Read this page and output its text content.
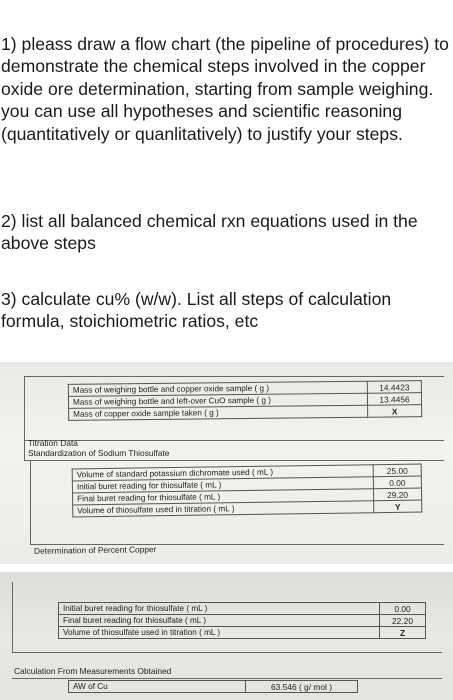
1) pleass draw a flow chart (the pipeline of procedures) to demonstrate the chemical steps involved in the copper oxide ore determination, starting from sample weighing. you can use all hypotheses and scientific reasoning (quantitatively or quanlitatively) to justify your steps.

2) list all balanced chemical rxn equations used in the above steps

3) calculate cu% (w/w). List all steps of calculation formula, stoichiometric ratios, etc

Mass of weighing bottle and copper oxide sample ( g )	14.4423
Mass of weighing bottle and left-over CuO sample ( g )	13.4456
Mass of copper oxide sample taken ( g )	X
Titration Data
Standardization of Sodium Thiosulfate
Volume of standard potassium dichromate used ( mL )	25.00
Initial buret reading for thiosulfate ( mL )	0.00
Final buret reading for thiosulfate ( mL )	29.20
Volume of thiosulfate used in titration ( mL )	Y
Determination of Percent Copper
Initial buret reading for thiosulfate ( mL )	0.00
Final buret reading for thiosulfate ( mL )	22.20
Volume of thiosulfate used in titration ( mL )	Z
Calculation From Measurements Obtained
AW of Cu	63.546 ( g/ mol )
